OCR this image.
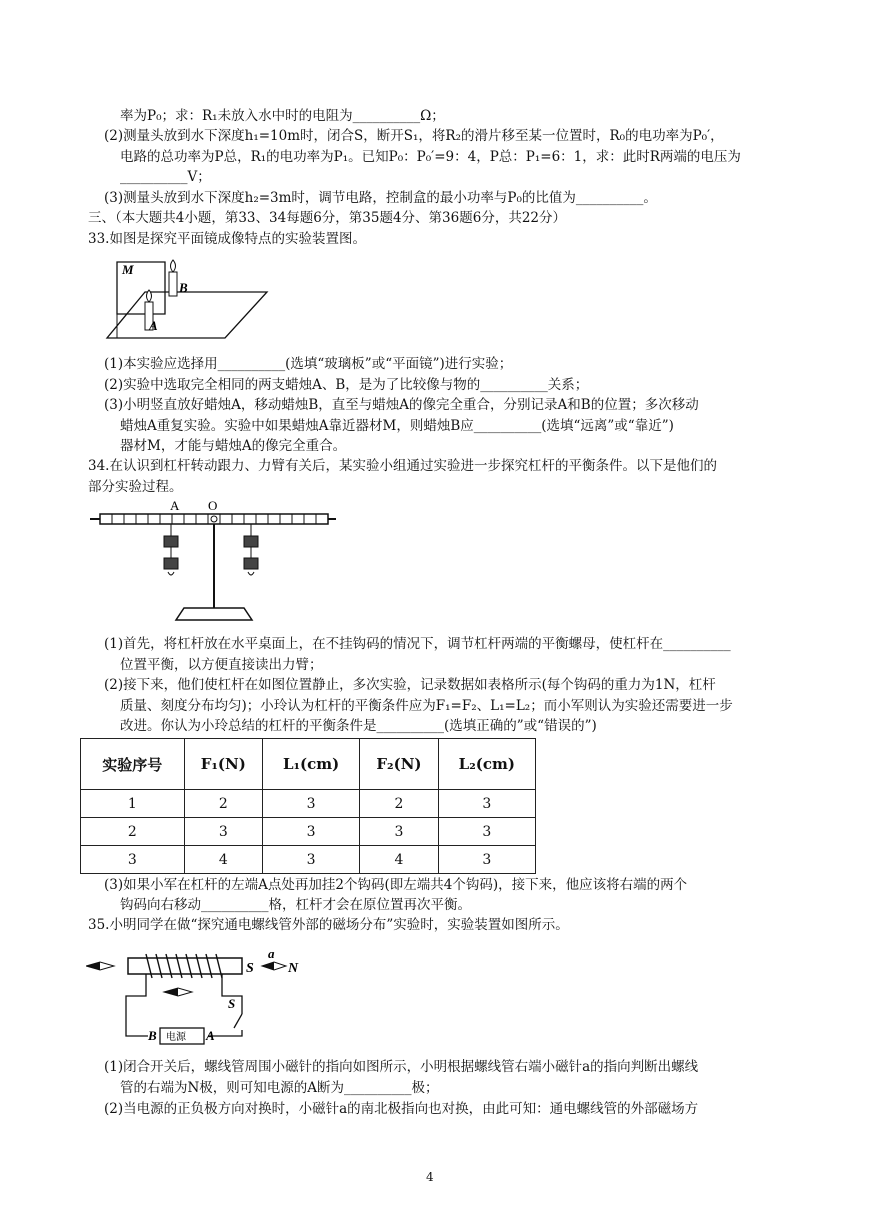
率为P₀；求：R₁未放入水中时的电阻为__________Ω；
(2)测量头放到水下深度h₁=10m时，闭合S，断开S₁，将R₂的滑片移至某一位置时，R₀的电功率为P₀′，
电路的总功率为P总，R₁的电功率为P₁。已知P₀：P₀′=9：4，P总：P₁=6：1，求：此时R两端的电压为
__________V；
(3)测量头放到水下深度h₂=3m时，调节电路，控制盒的最小功率与P₀的比值为__________。
三、（本大题共4小题，第33、34每题6分，第35题4分、第36题6分，共22分）
33.如图是探究平面镜成像特点的实验装置图。
(1)本实验应选择用__________(选填“玻璃板”或“平面镜”)进行实验；
(2)实验中选取完全相同的两支蜡烛A、B，是为了比较像与物的__________关系；
(3)小明竖直放好蜡烛A，移动蜡烛B，直至与蜡烛A的像完全重合，分别记录A和B的位置；多次移动
蜡烛A重复实验。实验中如果蜡烛A靠近器材M，则蜡烛B应__________(选填“远离”或“靠近”)
器材M，才能与蜡烛A的像完全重合。
34.在认识到杠杆转动跟力、力臂有关后，某实验小组通过实验进一步探究杠杆的平衡条件。以下是他们的
部分实验过程。
(1)首先，将杠杆放在水平桌面上，在不挂钩码的情况下，调节杠杆两端的平衡螺母，使杠杆在__________
位置平衡，以方便直接读出力臂；
(2)接下来，他们使杠杆在如图位置静止，多次实验，记录数据如表格所示(每个钩码的重力为1N，杠杆
质量、刻度分布均匀)；小玲认为杠杆的平衡条件应为F₁=F₂、L₁=L₂；而小军则认为实验还需要进一步
改进。你认为小玲总结的杠杆的平衡条件是__________(选填正确的”或“错误的”)
(3)如果小军在杠杆的左端A点处再加挂2个钩码(即左端共4个钩码)，接下来，他应该将右端的两个
钩码向右移动__________格，杠杆才会在原位置再次平衡。
35.小明同学在做“探究通电螺线管外部的磁场分布”实验时，实验装置如图所示。
(1)闭合开关后，螺线管周围小磁针的指向如图所示，小明根据螺线管右端小磁针a的指向判断出螺线
管的右端为N极，则可知电源的A断为__________极；
(2)当电源的正负极方向对换时，小磁针a的南北极指向也对换，由此可知：通电螺线管的外部磁场方
M
B
A
A O
S
a
N
S
B	A
电源
实验序号	F₁(N)	L₁(cm)	F₂(N)	L₂(cm)
1	2	3	2	3
2	3	3	3	3
3	4	3	4	3
4
